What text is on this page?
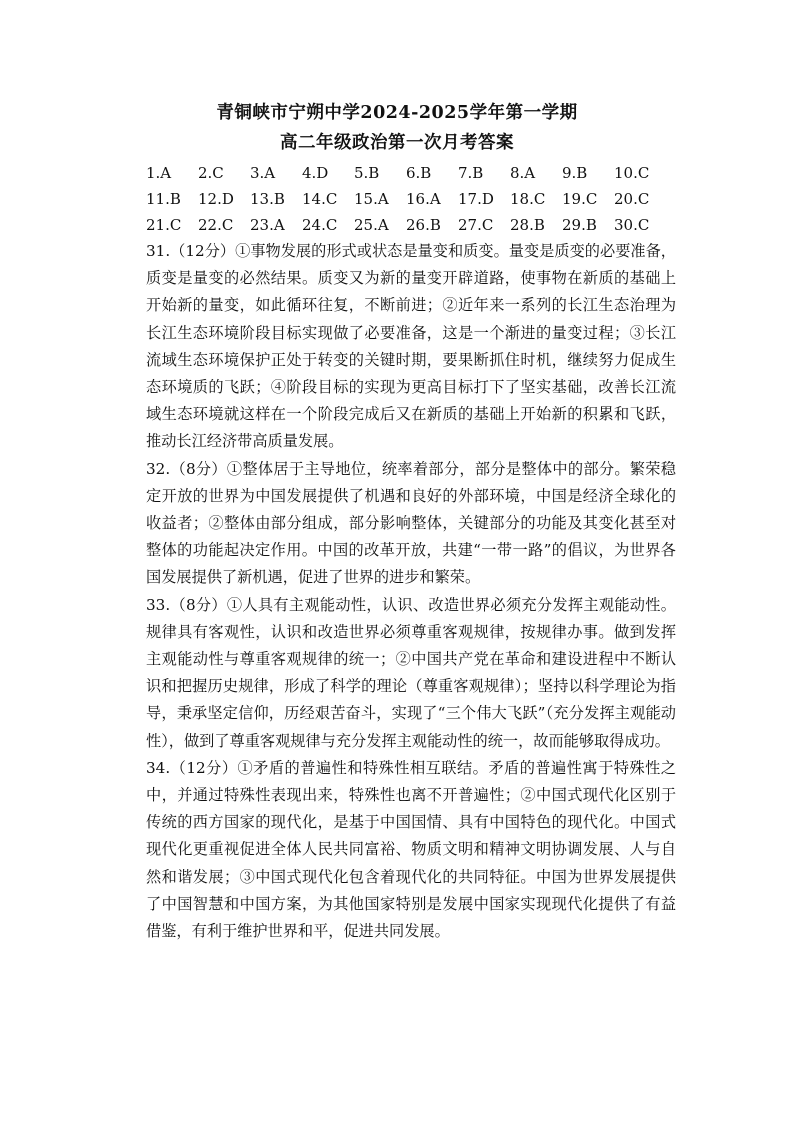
青铜峡市宁朔中学2024-2025学年第一学期
高二年级政治第一次月考答案
1.A	2.C	3.A	4.D	5.B	6.B	7.B	8.A	9.B	10.C
11.B	12.D	13.B	14.C	15.A	16.A	17.D	18.C	19.C	20.C
21.C	22.C	23.A	24.C	25.A	26.B	27.C	28.B	29.B	30.C

31.（12分）①事物发展的形式或状态是量变和质变。量变是质变的必要准备，质变是量变的必然结果。质变又为新的量变开辟道路，使事物在新质的基础上开始新的量变，如此循环往复，不断前进；②近年来一系列的长江生态治理为长江生态环境阶段目标实现做了必要准备，这是一个渐进的量变过程；③长江流域生态环境保护正处于转变的关键时期，要果断抓住时机，继续努力促成生态环境质的飞跃；④阶段目标的实现为更高目标打下了坚实基础，改善长江流域生态环境就这样在一个阶段完成后又在新质的基础上开始新的积累和飞跃，推动长江经济带高质量发展。

32.（8分）①整体居于主导地位，统率着部分，部分是整体中的部分。繁荣稳定开放的世界为中国发展提供了机遇和良好的外部环境，中国是经济全球化的收益者；②整体由部分组成，部分影响整体，关键部分的功能及其变化甚至对整体的功能起决定作用。中国的改革开放，共建“一带一路”的倡议，为世界各国发展提供了新机遇，促进了世界的进步和繁荣。

33.（8分）①人具有主观能动性，认识、改造世界必须充分发挥主观能动性。规律具有客观性，认识和改造世界必须尊重客观规律，按规律办事。做到发挥主观能动性与尊重客观规律的统一；②中国共产党在革命和建设进程中不断认识和把握历史规律，形成了科学的理论（尊重客观规律）；坚持以科学理论为指导，秉承坚定信仰，历经艰苦奋斗，实现了“三个伟大飞跃”（充分发挥主观能动性），做到了尊重客观规律与充分发挥主观能动性的统一，故而能够取得成功。

34.（12分）①矛盾的普遍性和特殊性相互联结。矛盾的普遍性寓于特殊性之中，并通过特殊性表现出来，特殊性也离不开普遍性；②中国式现代化区别于传统的西方国家的现代化，是基于中国国情、具有中国特色的现代化。中国式现代化更重视促进全体人民共同富裕、物质文明和精神文明协调发展、人与自然和谐发展；③中国式现代化包含着现代化的共同特征。中国为世界发展提供了中国智慧和中国方案，为其他国家特别是发展中国家实现现代化提供了有益借鉴，有利于维护世界和平，促进共同发展。
